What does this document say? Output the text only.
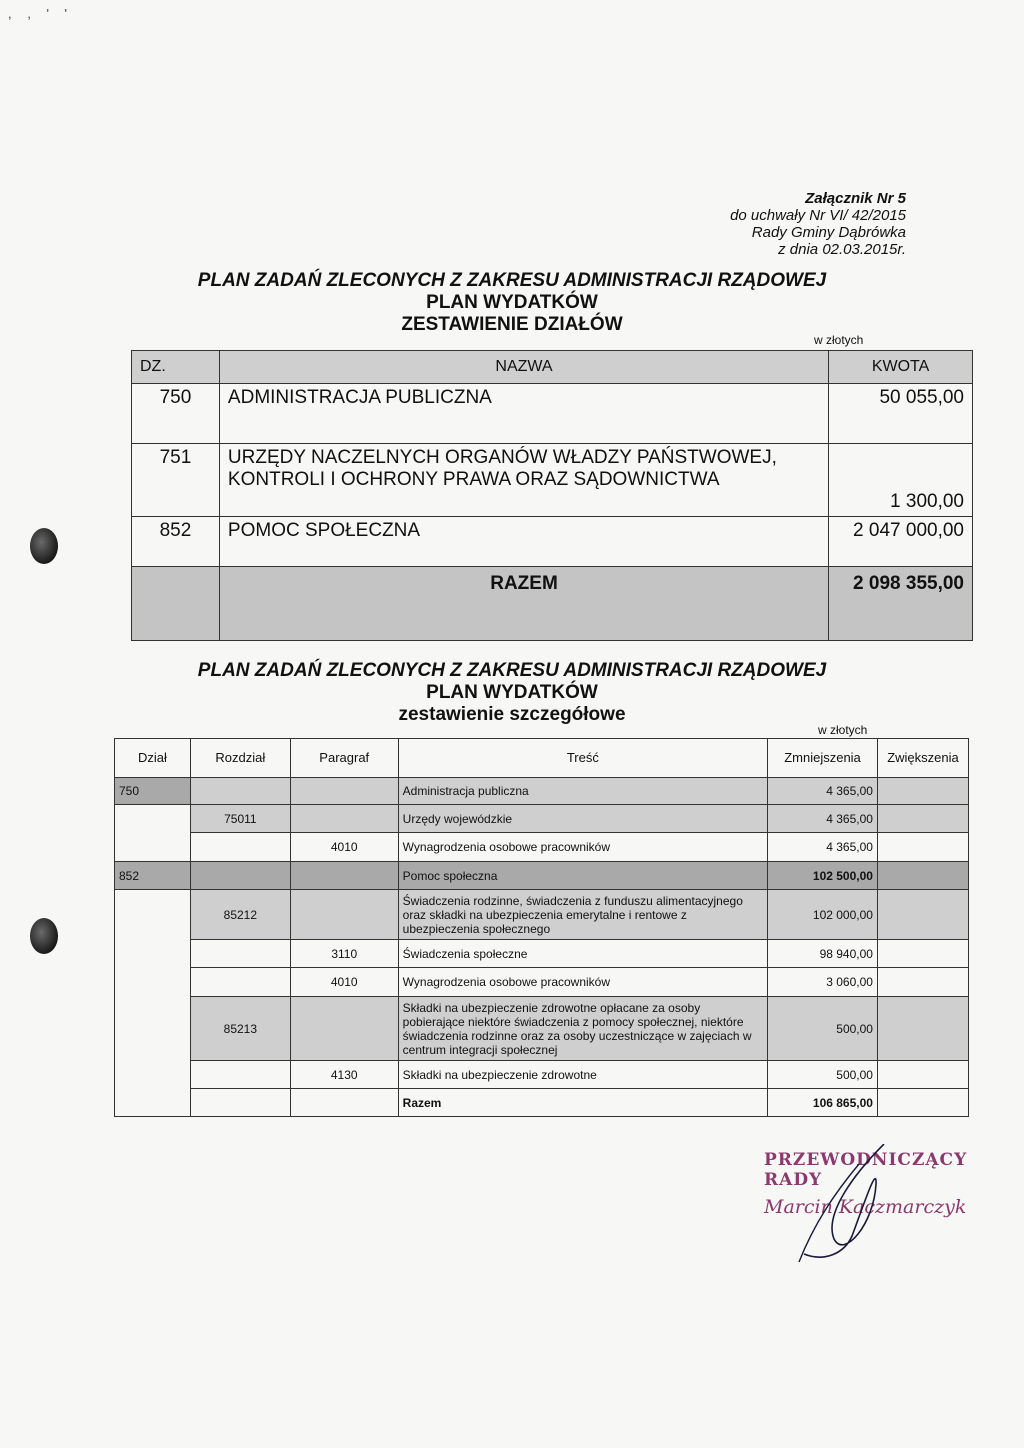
, , ' '
Załącznik Nr 5
do uchwały Nr VI/ 42/2015
Rady Gminy Dąbrówka
z dnia 02.03.2015r.
PLAN ZADAŃ ZLECONYCH Z ZAKRESU ADMINISTRACJI RZĄDOWEJ
PLAN WYDATKÓW
ZESTAWIENIE DZIAŁÓW
w złotych
DZ.	NAZWA	KWOTA
750	ADMINISTRACJA PUBLICZNA	50 055,00
751	URZĘDY NACZELNYCH ORGANÓW WŁADZY PAŃSTWOWEJ, KONTROLI I OCHRONY PRAWA ORAZ SĄDOWNICTWA	1 300,00
852	POMOC SPOŁECZNA	2 047 000,00
	RAZEM	2 098 355,00
PLAN ZADAŃ ZLECONYCH Z ZAKRESU ADMINISTRACJI RZĄDOWEJ
PLAN WYDATKÓW
zestawienie szczegółowe
w złotych
Dział	Rozdział	Paragraf	Treść	Zmniejszenia	Zwiększenia
750			Administracja publiczna	4 365,00	
	75011		Urzędy wojewódzkie	4 365,00	
		4010	Wynagrodzenia osobowe pracowników	4 365,00	
852			Pomoc społeczna	102 500,00	
	85212		Świadczenia rodzinne, świadczenia z funduszu alimentacyjnego oraz składki na ubezpieczenia emerytalne i rentowe z ubezpieczenia społecznego	102 000,00	
		3110	Świadczenia społeczne	98 940,00	
		4010	Wynagrodzenia osobowe pracowników	3 060,00	
	85213		Składki na ubezpieczenie zdrowotne opłacane za osoby pobierające niektóre świadczenia z pomocy społecznej, niektóre świadczenia rodzinne oraz za osoby uczestniczące w zajęciach w centrum integracji społecznej	500,00	
		4130	Składki na ubezpieczenie zdrowotne	500,00	
			Razem	106 865,00	
PRZEWODNICZĄCY RADY
Marcin Kaczmarczyk
